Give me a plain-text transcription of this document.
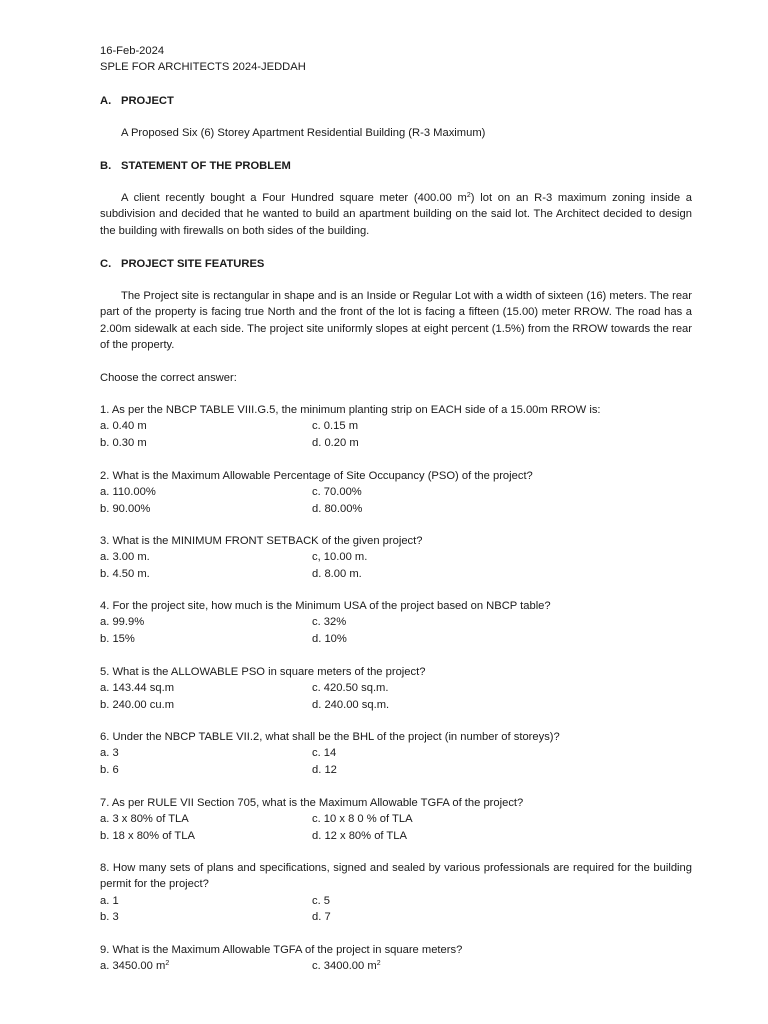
16-Feb-2024
SPLE FOR ARCHITECTS 2024-JEDDAH
A. PROJECT
A Proposed Six (6) Storey Apartment Residential Building (R-3 Maximum)
B. STATEMENT OF THE PROBLEM
A client recently bought a Four Hundred square meter (400.00 $m^2$) lot on an R-3 maximum zoning inside a subdivision and decided that he wanted to build an apartment building on the said lot. The Architect decided to design the building with firewalls on both sides of the building.
C. PROJECT SITE FEATURES
The Project site is rectangular in shape and is an Inside or Regular Lot with a width of sixteen (16) meters. The rear part of the property is facing true North and the front of the lot is facing a fifteen (15.00) meter RROW. The road has a 2.00m sidewalk at each side. The project site uniformly slopes at eight percent (1.5%) from the RROW towards the rear of the property.
Choose the correct answer:
1. As per the NBCP TABLE VIII.G.5, the minimum planting strip on EACH side of a 15.00m RROW is:
a. 0.40 m	c. 0.15 m
b. 0.30 m	d. 0.20 m
2. What is the Maximum Allowable Percentage of Site Occupancy (PSO) of the project?
a. 110.00%	c. 70.00%
b. 90.00%	d. 80.00%
3. What is the MINIMUM FRONT SETBACK of the given project?
a. 3.00 m.	c, 10.00 m.
b. 4.50 m.	d. 8.00 m.
4. For the project site, how much is the Minimum USA of the project based on NBCP table?
a. 99.9%	c. 32%
b. 15%	d. 10%
5. What is the ALLOWABLE PSO in square meters of the project?
a. 143.44 sq.m	c. 420.50 sq.m.
b. 240.00 cu.m	d. 240.00 sq.m.
6. Under the NBCP TABLE VII.2, what shall be the BHL of the project (in number of storeys)?
a. 3	c. 14
b. 6	d. 12
7. As per RULE VII Section 705, what is the Maximum Allowable TGFA of the project?
a. 3 x 80% of TLA	c. 10 x 8 0 % of TLA
b. 18 x 80% of TLA	d. 12 x 80% of TLA
8. How many sets of plans and specifications, signed and sealed by various professionals are required for the building permit for the project?
a. 1	c. 5
b. 3	d. 7
9. What is the Maximum Allowable TGFA of the project in square meters?
a. 3450.00 $m^2$	c. 3400.00 $m^2$
